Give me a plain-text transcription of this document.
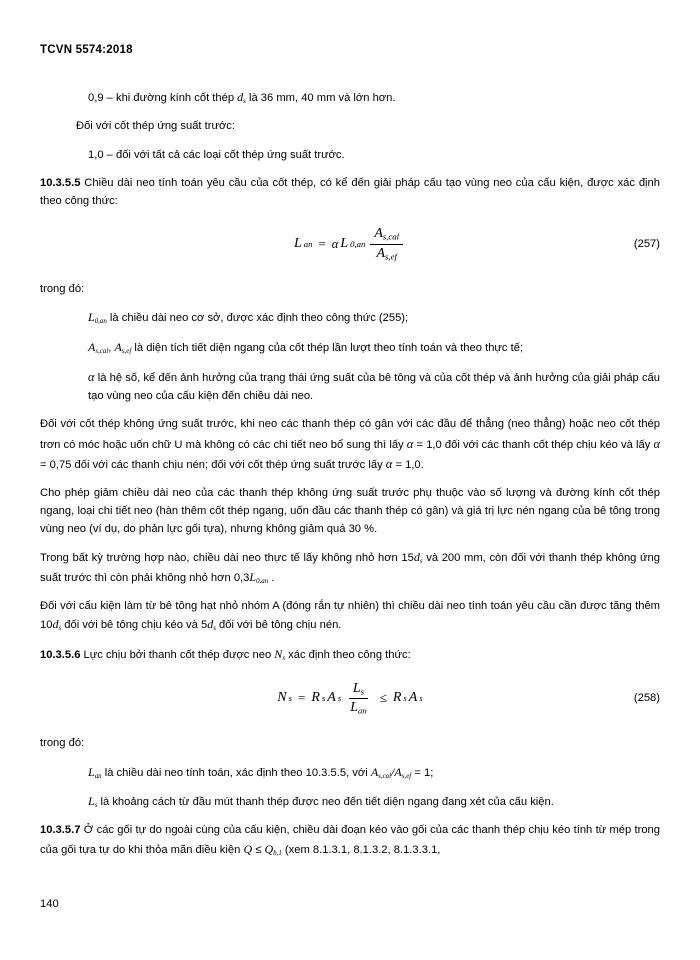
TCVN 5574:2018

0,9 – khi đường kính cốt thép $d_s$ là 36 mm, 40 mm và lớn hơn.

Đối với cốt thép ứng suất trước:

1,0 – đối với tất cả các loại cốt thép ứng suất trước.

10.3.5.5 Chiều dài neo tính toán yêu cầu của cốt thép, có kể đến giải pháp cấu tạo vùng neo của cấu kiện, được xác định theo công thức:

L an = α L $0,an \frac{A_{s,cal}}{A_{s,ef}}$	(257)

trong đó:

$L_{0,an}$ là chiều dài neo cơ sở, được xác định theo công thức (255);

$A_{s,cal}$, $A_{s,ef}$ là diện tích tiết diện ngang của cốt thép lần lượt theo tính toán và theo thực tế;

α là hệ số, kể đến ảnh hưởng của trạng thái ứng suất của bê tông và của cốt thép và ảnh hưởng của giải pháp cấu tạo vùng neo của cấu kiện đến chiều dài neo.

Đối với cốt thép không ứng suất trước, khi neo các thanh thép có gân với các đầu để thẳng (neo thẳng) hoặc neo cốt thép trơn có móc hoặc uốn chữ U mà không có các chi tiết neo bổ sung thì lấy α = 1,0 đối với các thanh cốt thép chịu kéo và lấy α = 0,75 đối với các thanh chịu nén; đối với cốt thép ứng suất trước lấy α = 1,0.

Cho phép giảm chiều dài neo của các thanh thép không ứng suất trước phụ thuộc vào số lượng và đường kính cốt thép ngang, loại chi tiết neo (hàn thêm cốt thép ngang, uốn đầu các thanh thép có gân) và giá trị lực nén ngang của bê tông trong vùng neo (ví dụ, do phản lực gối tựa), nhưng không giảm quá 30 %.

Trong bất kỳ trường hợp nào, chiều dài neo thực tế lấy không nhỏ hơn $15d_s$ và 200 mm, còn đối với thanh thép không ứng suất trước thì còn phải không nhỏ hơn $0,3L_{0,an}$ .

Đối với cấu kiện làm từ bê tông hạt nhỏ nhóm A (đóng rắn tự nhiên) thì chiều dài neo tính toán yêu cầu cần được tăng thêm $10d_s$ đối với bê tông chịu kéo và $5d_s$ đối với bê tông chịu nén.

10.3.5.6 Lực chịu bởi thanh cốt thép được neo $N_s$ xác định theo công thức:

N s = R s A s $\frac{L_s}{L_{an}} \le R$ s A s	(258)

trong đó:

$L_{an}$ là chiều dài neo tính toán, xác định theo 10.3.5.5, với $A_{s,cal}/A_{s,ef} = 1$;

$L_s$ là khoảng cách từ đầu mút thanh thép được neo đến tiết diện ngang đang xét của cấu kiện.

10.3.5.7 Ở các gối tự do ngoài cùng của cấu kiện, chiều dài đoạn kéo vào gối của các thanh thép chịu kéo tính từ mép trong của gối tựa tự do khi thỏa mãn điều kiện $Q \le Q_{b,1}$ (xem 8.1.3.1, 8.1.3.2, 8.1.3.3.1,

140
